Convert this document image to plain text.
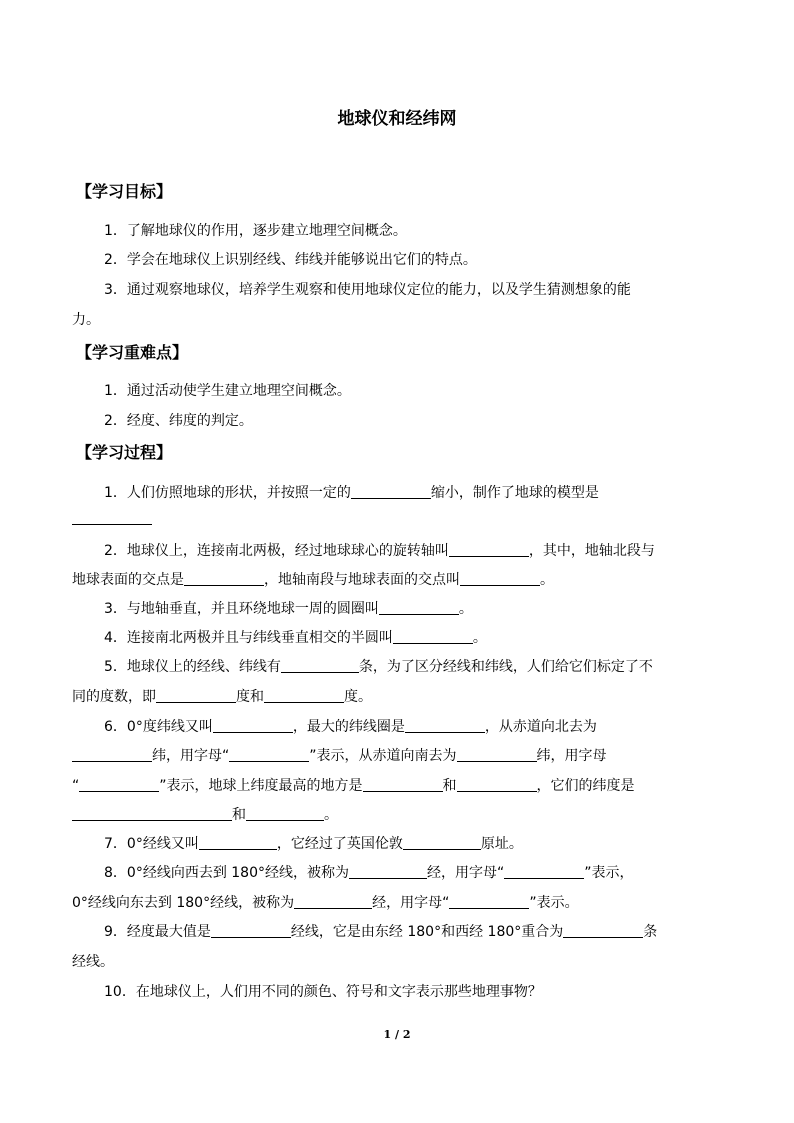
地球仪和经纬网
【学习目标】
1．了解地球仪的作用，逐步建立地理空间概念。
2．学会在地球仪上识别经线、纬线并能够说出它们的特点。
3．通过观察地球仪，培养学生观察和使用地球仪定位的能力，以及学生猜测想象的能
力。
【学习重难点】
1．通过活动使学生建立地理空间概念。
2．经度、纬度的判定。
【学习过程】
1．人们仿照地球的形状，并按照一定的	缩小，制作了地球的模型是
2．地球仪上，连接南北两极，经过地球球心的旋转轴叫	，其中，地轴北段与
地球表面的交点是	，地轴南段与地球表面的交点叫	。
3．与地轴垂直，并且环绕地球一周的圆圈叫	。
4．连接南北两极并且与纬线垂直相交的半圆叫	。
5．地球仪上的经线、纬线有	条，为了区分经线和纬线，人们给它们标定了不
同的度数，即	度和	度。
6．0°度纬线又叫	，最大的纬线圈是	，从赤道向北去为
纬，用字母“	”表示，从赤道向南去为	纬，用字母
“	”表示，地球上纬度最高的地方是	和	，它们的纬度是
和	。
7．0°经线又叫	，它经过了英国伦敦	原址。
8．0°经线向西去到 180°经线，被称为	经，用字母“	”表示，
0°经线向东去到 180°经线，被称为	经，用字母“	”表示。
9．经度最大值是	经线，它是由东经 180°和西经 180°重合为	条
经线。
10．在地球仪上，人们用不同的颜色、符号和文字表示那些地理事物？
1 / 2
